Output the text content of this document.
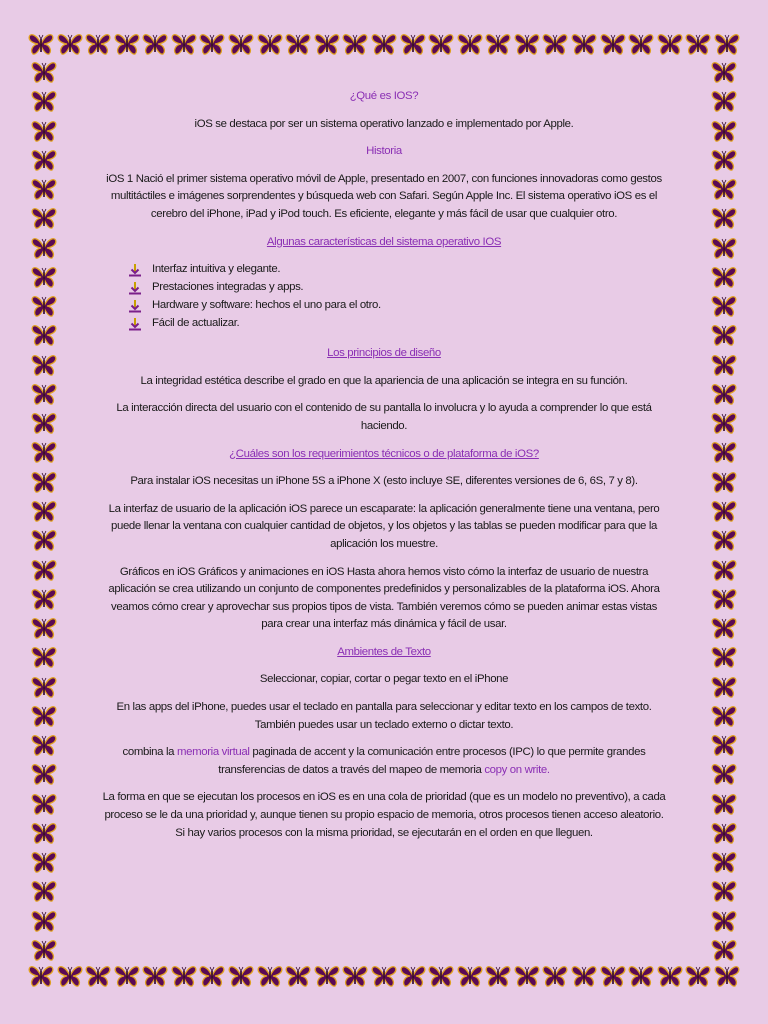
¿Qué es IOS?

iOS se destaca por ser un sistema operativo lanzado e implementado por Apple.

Historia

iOS 1 Nació el primer sistema operativo móvil de Apple, presentado en 2007, con funciones innovadoras como gestos multitáctiles e imágenes sorprendentes y búsqueda web con Safari. Según Apple Inc. El sistema operativo iOS es el cerebro del iPhone, iPad y iPod touch. Es eficiente, elegante y más fácil de usar que cualquier otro.

Algunas características del sistema operativo IOS
Interfaz intuitiva y elegante.
Prestaciones integradas y apps.
Hardware y software: hechos el uno para el otro.
Fácil de actualizar.
Los principios de diseño

La integridad estética describe el grado en que la apariencia de una aplicación se integra en su función.

La interacción directa del usuario con el contenido de su pantalla lo involucra y lo ayuda a comprender lo que está haciendo.

¿Cuáles son los requerimientos técnicos o de plataforma de iOS?

Para instalar iOS necesitas un iPhone 5S a iPhone X (esto incluye SE, diferentes versiones de 6, 6S, 7 y 8).

La interfaz de usuario de la aplicación iOS parece un escaparate: la aplicación generalmente tiene una ventana, pero puede llenar la ventana con cualquier cantidad de objetos, y los objetos y las tablas se pueden modificar para que la aplicación los muestre.

Gráficos en iOS Gráficos y animaciones en iOS Hasta ahora hemos visto cómo la interfaz de usuario de nuestra aplicación se crea utilizando un conjunto de componentes predefinidos y personalizables de la plataforma iOS. Ahora veamos cómo crear y aprovechar sus propios tipos de vista. También veremos cómo se pueden animar estas vistas para crear una interfaz más dinámica y fácil de usar.

Ambientes de Texto

Seleccionar, copiar, cortar o pegar texto en el iPhone

En las apps del iPhone, puedes usar el teclado en pantalla para seleccionar y editar texto en los campos de texto. También puedes usar un teclado externo o dictar texto.

combina la memoria virtual paginada de accent y la comunicación entre procesos (IPC) lo que permite grandes transferencias de datos a través del mapeo de memoria copy on write.

La forma en que se ejecutan los procesos en iOS es en una cola de prioridad (que es un modelo no preventivo), a cada proceso se le da una prioridad y, aunque tienen su propio espacio de memoria, otros procesos tienen acceso aleatorio. Si hay varios procesos con la misma prioridad, se ejecutarán en el orden en que lleguen.
